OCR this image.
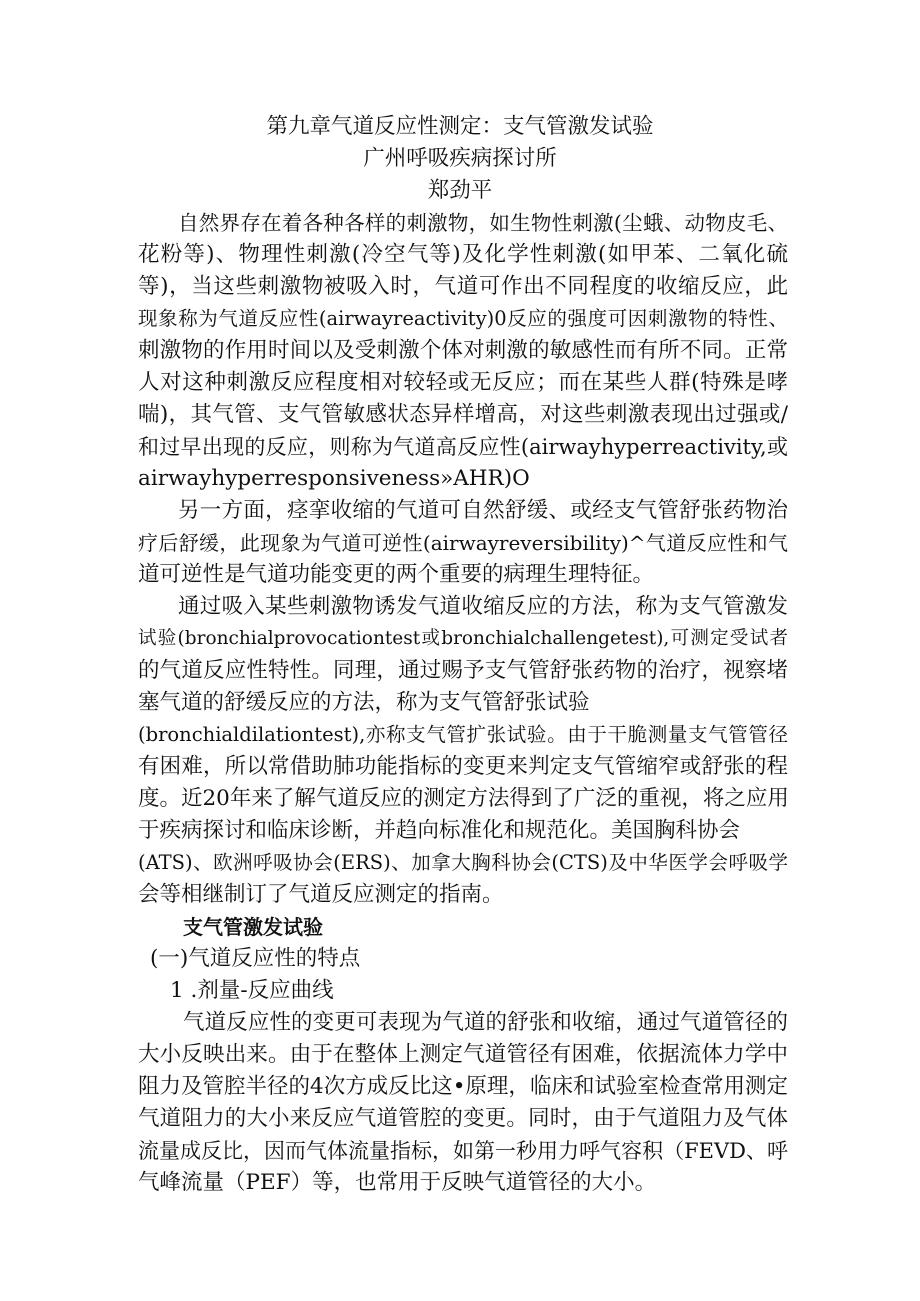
第九章气道反应性测定：支气管激发试验
广州呼吸疾病探讨所
郑劲平
自然界存在着各种各样的刺激物，如生物性刺激(尘蛾、动物皮毛、
花粉等)、物理性刺激(冷空气等)及化学性刺激(如甲苯、二氧化硫
等)，当这些刺激物被吸入时，气道可作出不同程度的收缩反应，此
现象称为气道反应性(airwayreactivity)0反应的强度可因刺激物的特性、
刺激物的作用时间以及受刺激个体对刺激的敏感性而有所不同。正常
人对这种刺激反应程度相对较轻或无反应；而在某些人群(特殊是哮
喘)，其气管、支气管敏感状态异样增高，对这些刺激表现出过强或/
和过早出现的反应，则称为气道高反应性(airwayhyperreactivity,或
airwayhyperresponsiveness»AHR)O
另一方面，痉挛收缩的气道可自然舒缓、或经支气管舒张药物治
疗后舒缓，此现象为气道可逆性(airwayreversibility)^气道反应性和气
道可逆性是气道功能变更的两个重要的病理生理特征。
通过吸入某些刺激物诱发气道收缩反应的方法，称为支气管激发
试验(bronchialprovocationtest或bronchialchallengetest),可测定受试者
的气道反应性特性。同理，通过赐予支气管舒张药物的治疗，视察堵
塞气道的舒缓反应的方法，称为支气管舒张试验
(bronchialdilationtest),亦称支气管扩张试验。由于干脆测量支气管管径
有困难，所以常借助肺功能指标的变更来判定支气管缩窄或舒张的程
度。近20年来了解气道反应的测定方法得到了广泛的重视，将之应用
于疾病探讨和临床诊断，并趋向标准化和规范化。美国胸科协会
(ATS)、欧洲呼吸协会(ERS)、加拿大胸科协会(CTS)及中华医学会呼吸学
会等相继制订了气道反应测定的指南。
支气管激发试验
(一)气道反应性的特点
1 .剂量-反应曲线
气道反应性的变更可表现为气道的舒张和收缩，通过气道管径的
大小反映出来。由于在整体上测定气道管径有困难，依据流体力学中
阻力及管腔半径的4次方成反比这•原理，临床和试验室检查常用测定
气道阻力的大小来反应气道管腔的变更。同时，由于气道阻力及气体
流量成反比，因而气体流量指标，如第一秒用力呼气容积（FEVD、呼
气峰流量（PEF）等，也常用于反映气道管径的大小。
